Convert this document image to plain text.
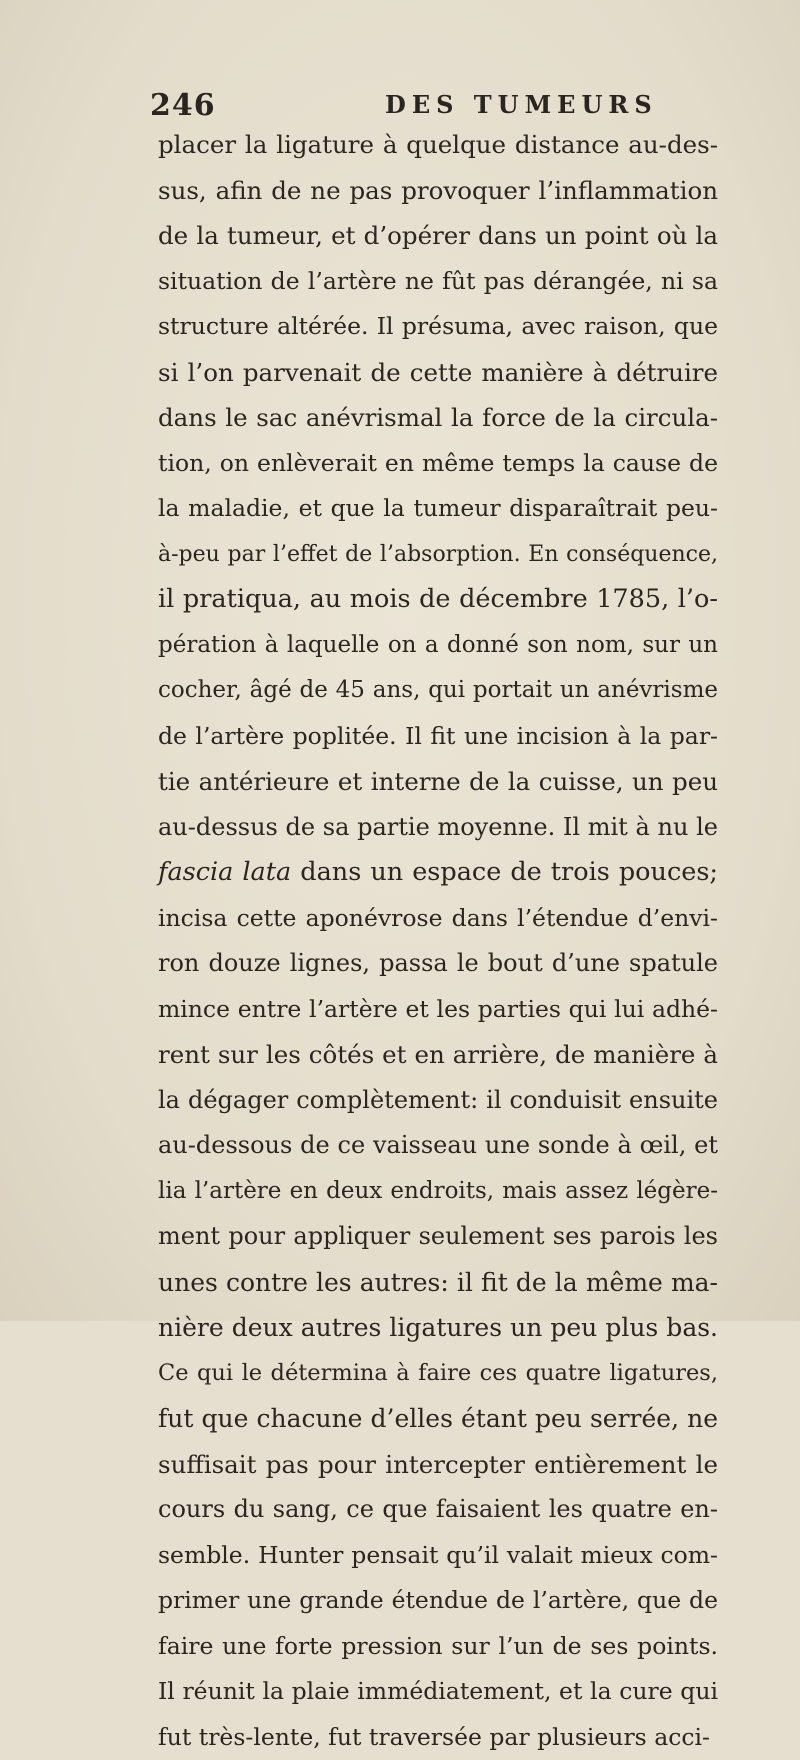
246	DES TUMEURS
placer la ligature à quelque distance au-des-
sus, afin de ne pas provoquer l’inflammation
de la tumeur, et d’opérer dans un point où la
situation de l’artère ne fût pas dérangée, ni sa
structure altérée. Il présuma, avec raison, que
si l’on parvenait de cette manière à détruire
dans le sac anévrismal la force de la circula-
tion, on enlèverait en même temps la cause de
la maladie, et que la tumeur disparaîtrait peu-
à-peu par l’effet de l’absorption. En conséquence,
il pratiqua, au mois de décembre 1785, l’o-
pération à laquelle on a donné son nom, sur un
cocher, âgé de 45 ans, qui portait un anévrisme
de l’artère poplitée. Il fit une incision à la par-
tie antérieure et interne de la cuisse, un peu
au-dessus de sa partie moyenne. Il mit à nu le
fascia lata dans un espace de trois pouces;
incisa cette aponévrose dans l’étendue d’envi-
ron douze lignes, passa le bout d’une spatule
mince entre l’artère et les parties qui lui adhé-
rent sur les côtés et en arrière, de manière à
la dégager complètement: il conduisit ensuite
au-dessous de ce vaisseau une sonde à œil, et
lia l’artère en deux endroits, mais assez légère-
ment pour appliquer seulement ses parois les
unes contre les autres: il fit de la même ma-
nière deux autres ligatures un peu plus bas.
Ce qui le détermina à faire ces quatre ligatures,
fut que chacune d’elles étant peu serrée, ne
suffisait pas pour intercepter entièrement le
cours du sang, ce que faisaient les quatre en-
semble. Hunter pensait qu’il valait mieux com-
primer une grande étendue de l’artère, que de
faire une forte pression sur l’un de ses points.
Il réunit la plaie immédiatement, et la cure qui
fut très-lente, fut traversée par plusieurs acci-
